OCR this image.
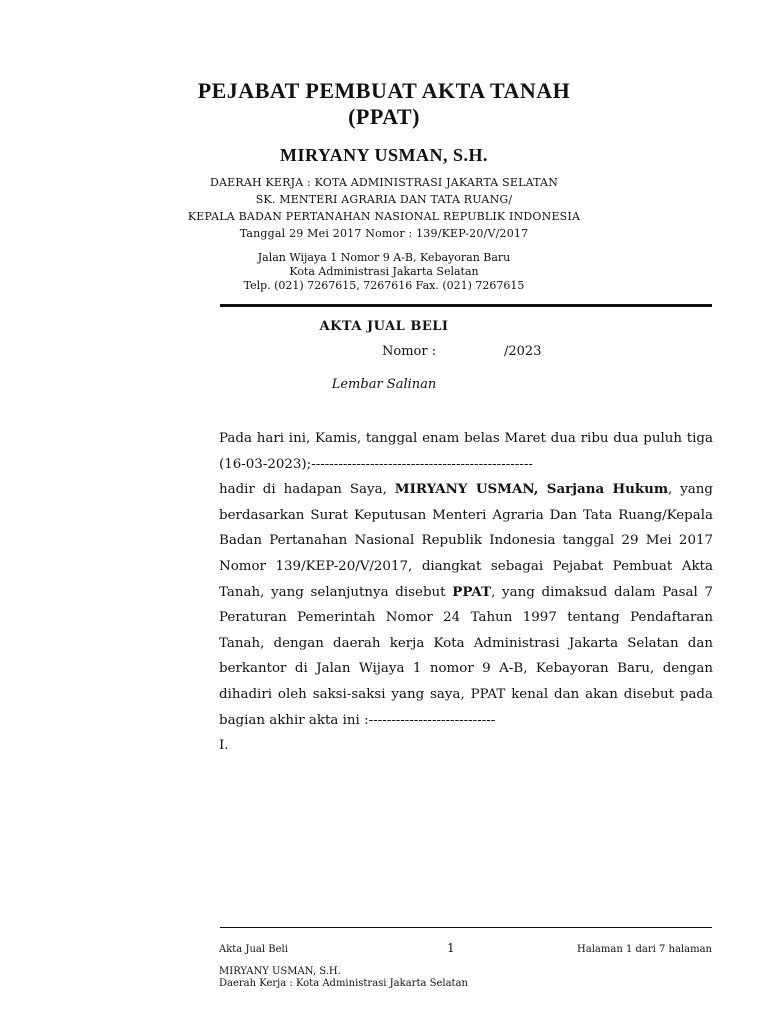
PEJABAT PEMBUAT AKTA TANAH
(PPAT)
MIRYANY USMAN, S.H.
DAERAH KERJA : KOTA ADMINISTRASI JAKARTA SELATAN
SK. MENTERI AGRARIA DAN TATA RUANG/
KEPALA BADAN PERTANAHAN NASIONAL REPUBLIK INDONESIA
Tanggal 29 Mei 2017 Nomor : 139/KEP-20/V/2017
Jalan Wijaya 1 Nomor 9 A-B, Kebayoran Baru
Kota Administrasi Jakarta Selatan
Telp. (021) 7267615, 7267616 Fax. (021) 7267615
AKTA JUAL BELI
Nomor :	/2023
Lembar Salinan

Pada hari ini, Kamis, tanggal enam belas Maret dua ribu dua puluh tiga (16-03-2023);-------------------------------------------------

hadir di hadapan Saya, MIRYANY USMAN, Sarjana Hukum, yang berdasarkan Surat Keputusan Menteri Agraria Dan Tata Ruang/Kepala Badan Pertanahan Nasional Republik Indonesia tanggal 29 Mei 2017 Nomor 139/KEP-20/V/2017, diangkat sebagai Pejabat Pembuat Akta Tanah, yang selanjutnya disebut PPAT, yang dimaksud dalam Pasal 7 Peraturan Pemerintah Nomor 24 Tahun 1997 tentang Pendaftaran Tanah, dengan daerah kerja Kota Administrasi Jakarta Selatan dan berkantor di Jalan Wijaya 1 nomor 9 A-B, Kebayoran Baru, dengan dihadiri oleh saksi-saksi yang saya, PPAT kenal dan akan disebut pada bagian akhir akta ini :----------------------------

I.

Akta Jual Beli	1	Halaman 1 dari 7 halaman
MIRYANY USMAN, S.H.
Daerah Kerja : Kota Administrasi Jakarta Selatan
